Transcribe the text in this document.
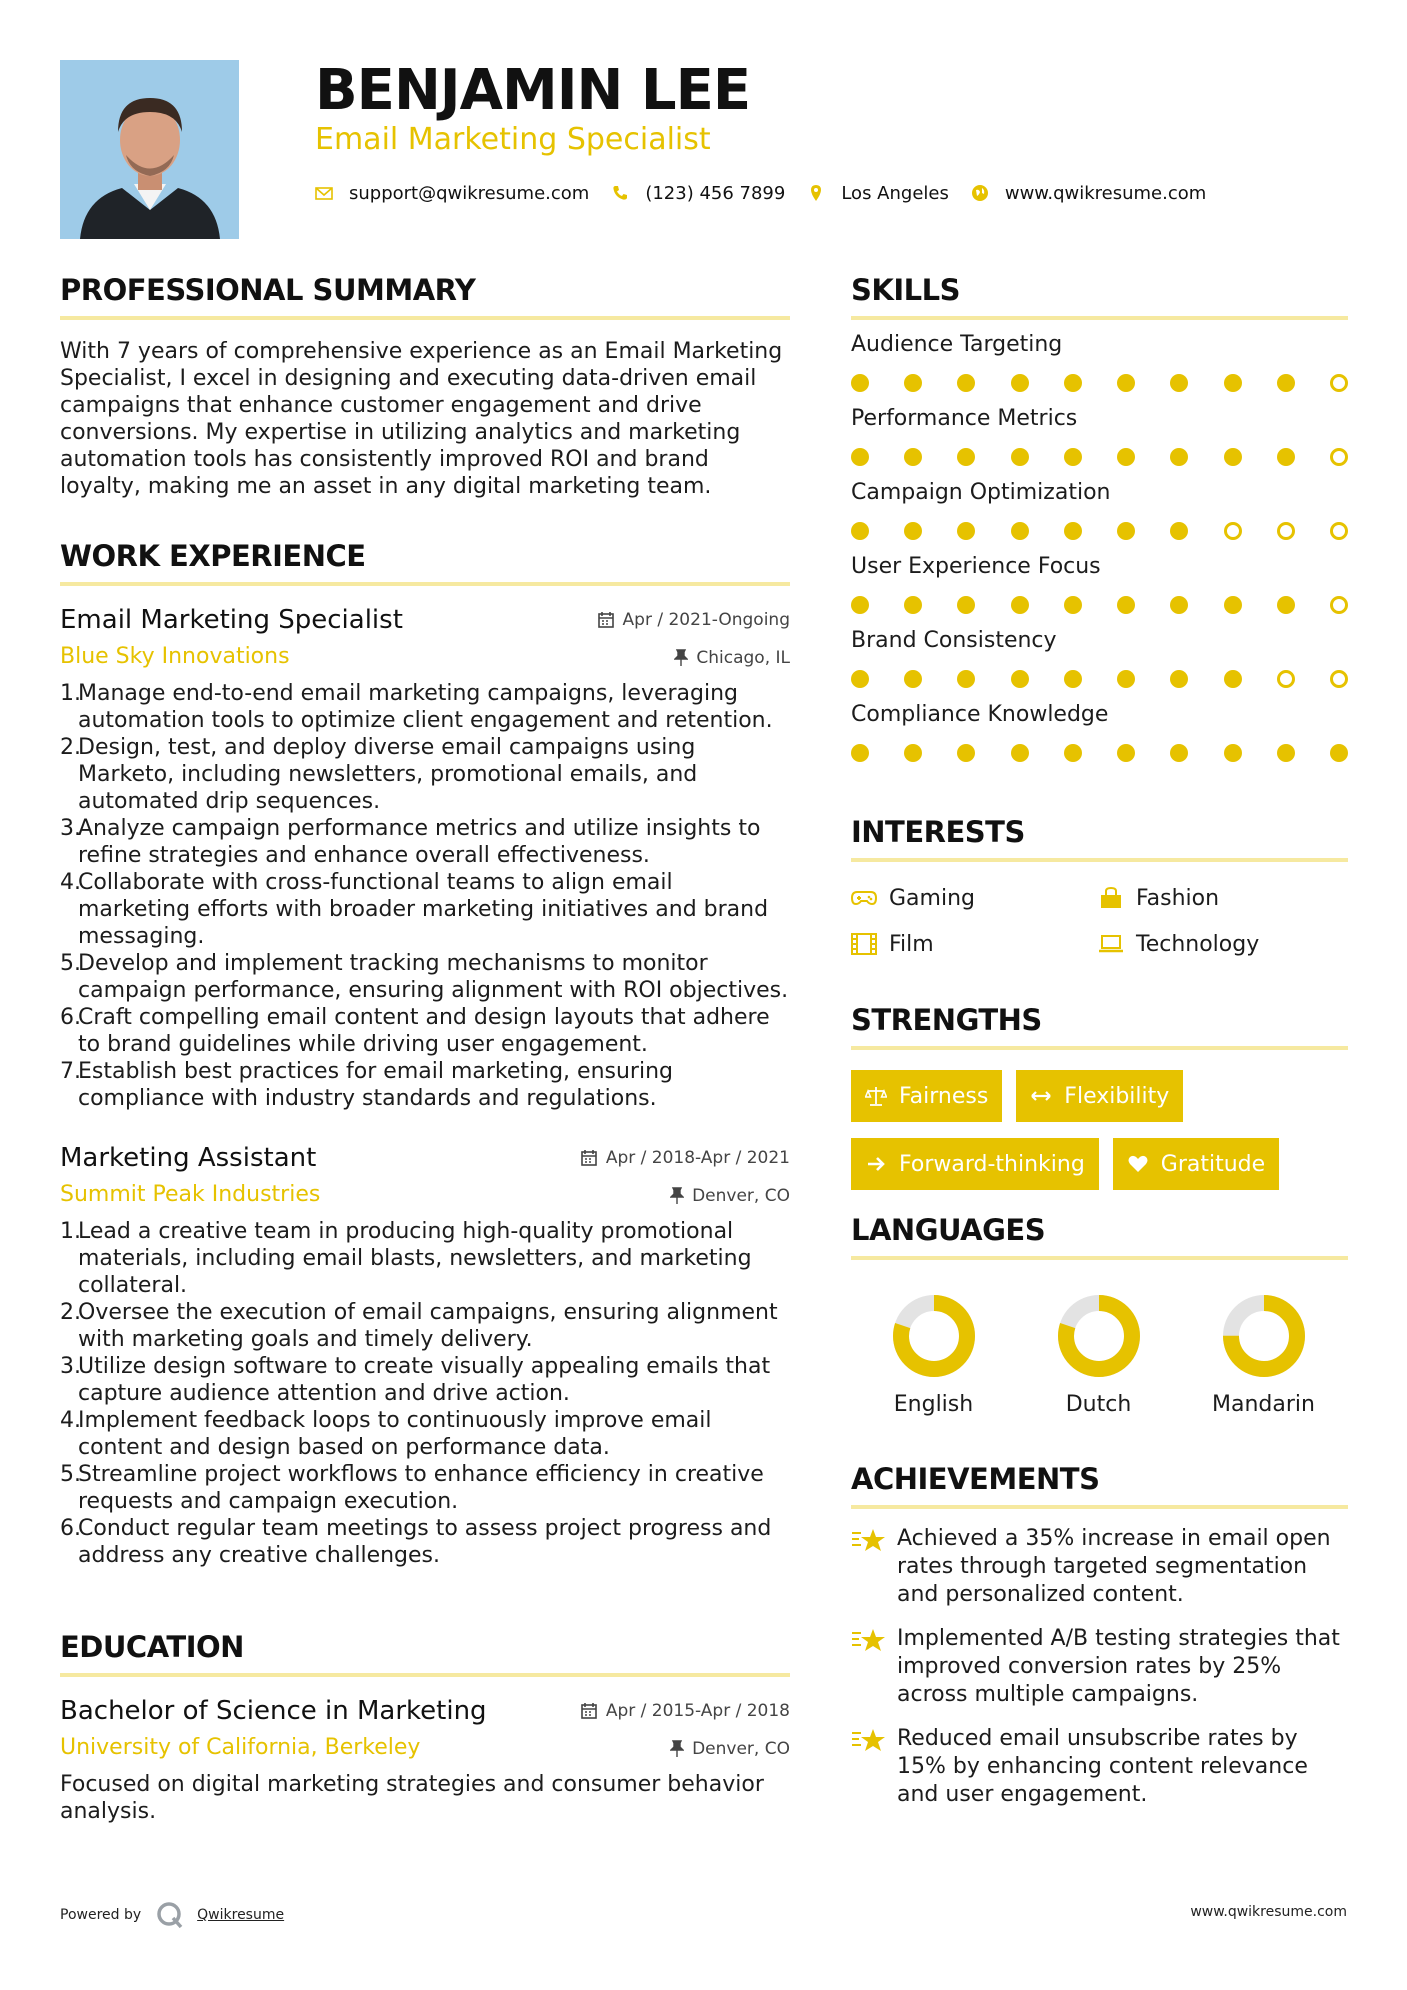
BENJAMIN LEE
Email Marketing Specialist
support@qwikresume.com	(123) 456 7899	Los Angeles	www.qwikresume.com
PROFESSIONAL SUMMARY
With 7 years of comprehensive experience as an Email Marketing Specialist, I excel in designing and executing data-driven email campaigns that enhance customer engagement and drive conversions. My expertise in utilizing analytics and marketing automation tools has consistently improved ROI and brand loyalty, making me an asset in any digital marketing team.
WORK EXPERIENCE
Email Marketing Specialist	Apr / 2021-Ongoing
Blue Sky Innovations	Chicago, IL
1.
Manage end-to-end email marketing campaigns, leveraging automation tools to optimize client engagement and retention.
2.
Design, test, and deploy diverse email campaigns using Marketo, including newsletters, promotional emails, and automated drip sequences.
3.
Analyze campaign performance metrics and utilize insights to refine strategies and enhance overall effectiveness.
4.
Collaborate with cross-functional teams to align email marketing efforts with broader marketing initiatives and brand messaging.
5.
Develop and implement tracking mechanisms to monitor campaign performance, ensuring alignment with ROI objectives.
6.
Craft compelling email content and design layouts that adhere to brand guidelines while driving user engagement.
7.
Establish best practices for email marketing, ensuring compliance with industry standards and regulations.
Marketing Assistant	Apr / 2018-Apr / 2021
Summit Peak Industries	Denver, CO
1.
Lead a creative team in producing high-quality promotional materials, including email blasts, newsletters, and marketing collateral.
2.
Oversee the execution of email campaigns, ensuring alignment with marketing goals and timely delivery.
3.
Utilize design software to create visually appealing emails that capture audience attention and drive action.
4.
Implement feedback loops to continuously improve email content and design based on performance data.
5.
Streamline project workflows to enhance efficiency in creative requests and campaign execution.
6.
Conduct regular team meetings to assess project progress and address any creative challenges.
EDUCATION
Bachelor of Science in Marketing	Apr / 2015-Apr / 2018
University of California, Berkeley	Denver, CO
Focused on digital marketing strategies and consumer behavior analysis.
SKILLS
Audience Targeting
Performance Metrics
Campaign Optimization
User Experience Focus
Brand Consistency
Compliance Knowledge
INTERESTS
Gaming	Fashion
Film	Technology
STRENGTHS
Fairness	Flexibility
Forward-thinking	Gratitude
LANGUAGES
English	Dutch	Mandarin
ACHIEVEMENTS
Achieved a 35% increase in email open rates through targeted segmentation and personalized content.
Implemented A/B testing strategies that improved conversion rates by 25% across multiple campaigns.
Reduced email unsubscribe rates by 15% by enhancing content relevance and user engagement.
Powered by	Qwikresume	www.qwikresume.com
